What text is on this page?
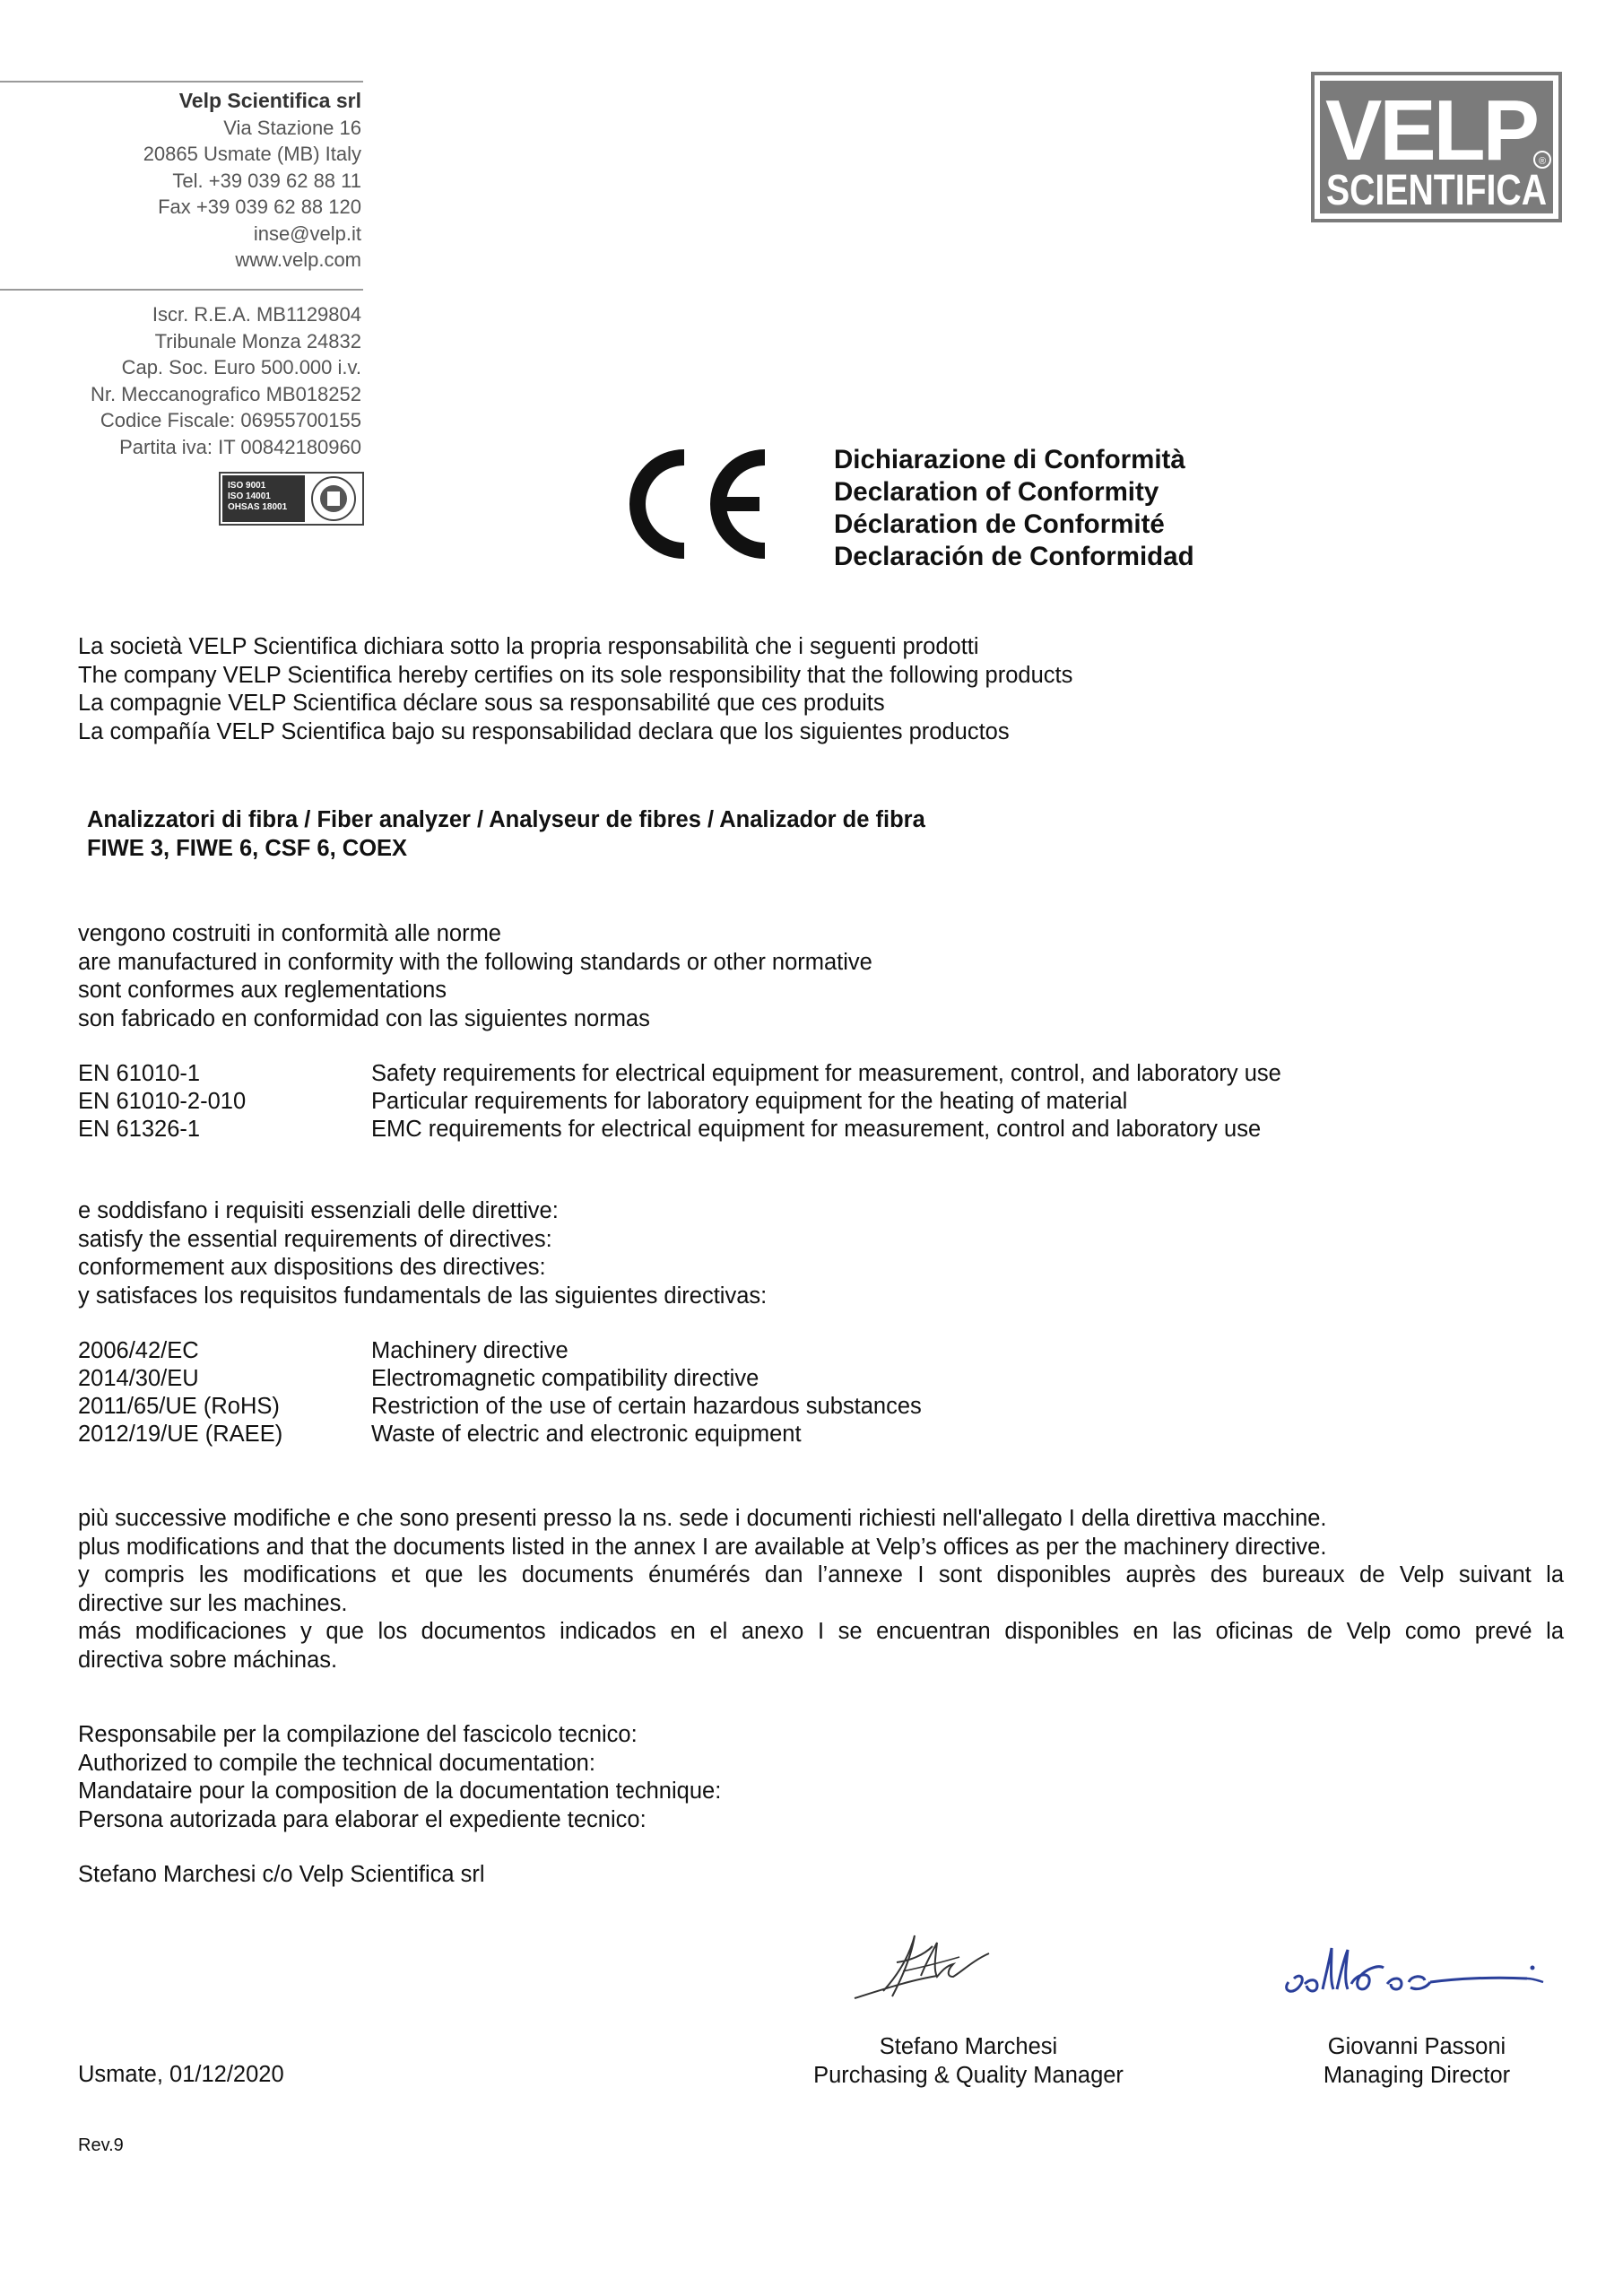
Velp Scientifica srl
Via Stazione 16
20865 Usmate (MB) Italy
Tel. +39 039 62 88 11
Fax +39 039 62 88 120
inse@velp.it
www.velp.com
Iscr. R.E.A. MB1129804
Tribunale Monza 24832
Cap. Soc. Euro 500.000 i.v.
Nr. Meccanografico MB018252
Codice Fiscale: 06955700155
Partita iva: IT 00842180960
ISO 9001
ISO 14001
OHSAS 18001
VELP
SCIENTIFICA
®
Dichiarazione di Conformità
Declaration of Conformity
Déclaration de Conformité
Declaración de Conformidad
La società VELP Scientifica dichiara sotto la propria responsabilità che i seguenti prodotti
The company VELP Scientifica hereby certifies on its sole responsibility that the following products
La compagnie VELP Scientifica déclare sous sa responsabilité que ces produits
La compañía VELP Scientifica bajo su responsabilidad declara que los siguientes productos
Analizzatori di fibra / Fiber analyzer / Analyseur de fibres / Analizador de fibra
FIWE 3, FIWE 6, CSF 6, COEX
vengono costruiti in conformità alle norme
are manufactured in conformity with the following standards or other normative
sont conformes aux reglementations
son fabricado en conformidad con las siguientes normas
EN 61010-1	Safety requirements for electrical equipment for measurement, control, and laboratory use
EN 61010-2-010	Particular requirements for laboratory equipment for the heating of material
EN 61326-1	EMC requirements for electrical equipment for measurement, control and laboratory use
e soddisfano i requisiti essenziali delle direttive:
satisfy the essential requirements of directives:
conformement aux dispositions des directives:
y satisfaces los requisitos fundamentals de las siguientes directivas:
2006/42/EC	Machinery directive
2014/30/EU	Electromagnetic compatibility directive
2011/65/UE (RoHS)	Restriction of the use of certain hazardous substances
2012/19/UE (RAEE)	Waste of electric and electronic equipment
più successive modifiche e che sono presenti presso la ns. sede i documenti richiesti nell'allegato I della direttiva macchine.
plus modifications and that the documents listed in the annex I are available at Velp’s offices as per the machinery directive.
y compris les modifications et que les documents énumérés dan l’annexe I sont disponibles auprès des bureaux de Velp suivant la
directive sur les machines.
más modificaciones y que los documentos indicados en el anexo I se encuentran disponibles en las oficinas de Velp como prevé la
directiva sobre máchinas.
Responsabile per la compilazione del fascicolo tecnico:
Authorized to compile the technical documentation:
Mandataire pour la composition de la documentation technique:
Persona autorizada para elaborar el expediente tecnico:
Stefano Marchesi c/o Velp Scientifica srl
Usmate, 01/12/2020
Stefano Marchesi
Purchasing & Quality Manager
Giovanni Passoni
Managing Director
Rev.9
